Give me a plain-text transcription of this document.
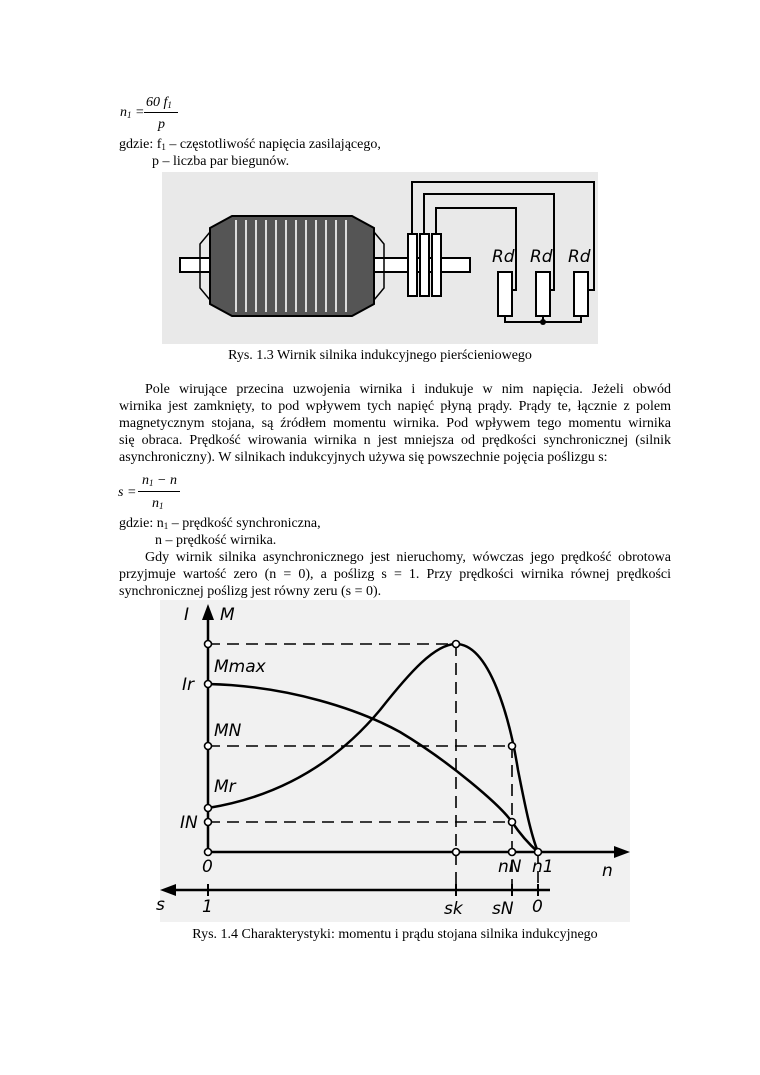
$n_1$ =
60 $f_1$
p
gdzie: $f_1$ – częstotliwość napięcia zasilającego,
p – liczba par biegunów.
Rd Rd Rd
Rys. 1.3 Wirnik silnika indukcyjnego pierścieniowego
Pole wirujące przecina uzwojenia wirnika i indukuje w nim napięcia. Jeżeli obwód
wirnika jest zamknięty, to pod wpływem tych napięć płyną prądy. Prądy te, łącznie z polem
magnetycznym stojana, są źródłem momentu wirnika. Pod wpływem tego momentu wirnika
się obraca. Prędkość wirowania wirnika n jest mniejsza od prędkości synchronicznej (silnik
asynchroniczny). W silnikach indukcyjnych używa się powszechnie pojęcia poślizgu s:
s =
$n_1 - n$
$n_1$
gdzie: $n_1$ – prędkość synchroniczna,
n – prędkość wirnika.
Gdy wirnik silnika asynchronicznego jest nieruchomy, wówczas jego prędkość obrotowa
przyjmuje wartość zero (n = 0), a poślizg s = 1. Przy prędkości wirnika równej prędkości
synchronicznej poślizg jest równy zeru (s = 0).
I M
Mmax
Ir
MN
Mr
IN
0	nN n1	n
s 1	sk sN 0
Rys. 1.4 Charakterystyki: momentu i prądu stojana silnika indukcyjnego
